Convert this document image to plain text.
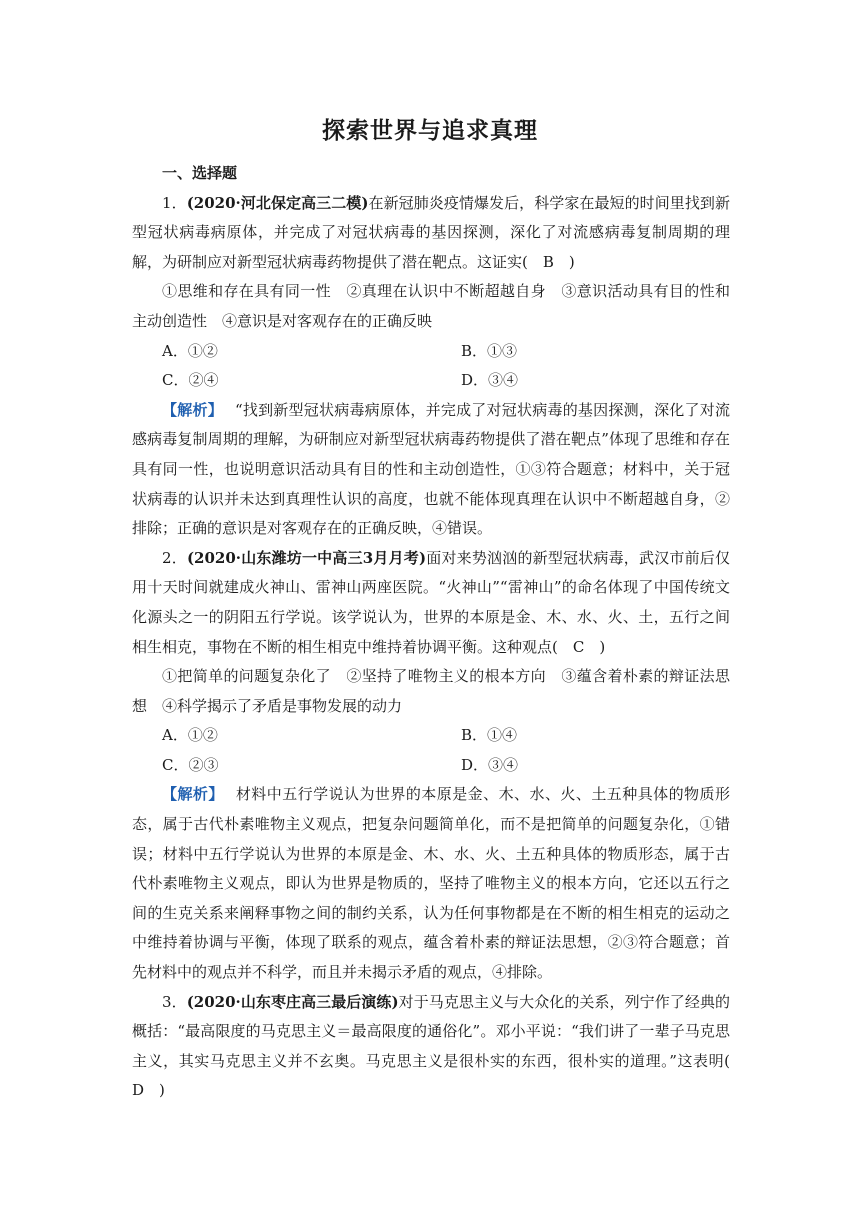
探索世界与追求真理
一、选择题

1．(2020·河北保定高三二模)在新冠肺炎疫情爆发后，科学家在最短的时间里找到新型冠状病毒病原体，并完成了对冠状病毒的基因探测，深化了对流感病毒复制周期的理解，为研制应对新型冠状病毒药物提供了潜在靶点。这证实(　B　)

①思维和存在具有同一性　②真理在认识中不断超越自身　③意识活动具有目的性和主动创造性　④意识是对客观存在的正确反映

A．①②	B．①③

C．②④	D．③④

【解析】 “找到新型冠状病毒病原体，并完成了对冠状病毒的基因探测，深化了对流感病毒复制周期的理解，为研制应对新型冠状病毒药物提供了潜在靶点”体现了思维和存在具有同一性，也说明意识活动具有目的性和主动创造性，①③符合题意；材料中，关于冠状病毒的认识并未达到真理性认识的高度，也就不能体现真理在认识中不断超越自身，②排除；正确的意识是对客观存在的正确反映，④错误。

2．(2020·山东潍坊一中高三3月月考)面对来势汹汹的新型冠状病毒，武汉市前后仅用十天时间就建成火神山、雷神山两座医院。“火神山”“雷神山”的命名体现了中国传统文化源头之一的阴阳五行学说。该学说认为，世界的本原是金、木、水、火、土，五行之间相生相克，事物在不断的相生相克中维持着协调平衡。这种观点(　C　)

①把简单的问题复杂化了　②坚持了唯物主义的根本方向　③蕴含着朴素的辩证法思想　④科学揭示了矛盾是事物发展的动力

A．①②	B．①④

C．②③	D．③④

【解析】 材料中五行学说认为世界的本原是金、木、水、火、土五种具体的物质形态，属于古代朴素唯物主义观点，把复杂问题简单化，而不是把简单的问题复杂化，①错误；材料中五行学说认为世界的本原是金、木、水、火、土五种具体的物质形态，属于古代朴素唯物主义观点，即认为世界是物质的，坚持了唯物主义的根本方向，它还以五行之间的生克关系来阐释事物之间的制约关系，认为任何事物都是在不断的相生相克的运动之中维持着协调与平衡，体现了联系的观点，蕴含着朴素的辩证法思想，②③符合题意；首先材料中的观点并不科学，而且并未揭示矛盾的观点，④排除。

3．(2020·山东枣庄高三最后演练)对于马克思主义与大众化的关系，列宁作了经典的概括：“最高限度的马克思主义＝最高限度的通俗化”。邓小平说：“我们讲了一辈子马克思主义，其实马克思主义并不玄奥。马克思主义是很朴实的东西，很朴实的道理。”这表明(　D　)
